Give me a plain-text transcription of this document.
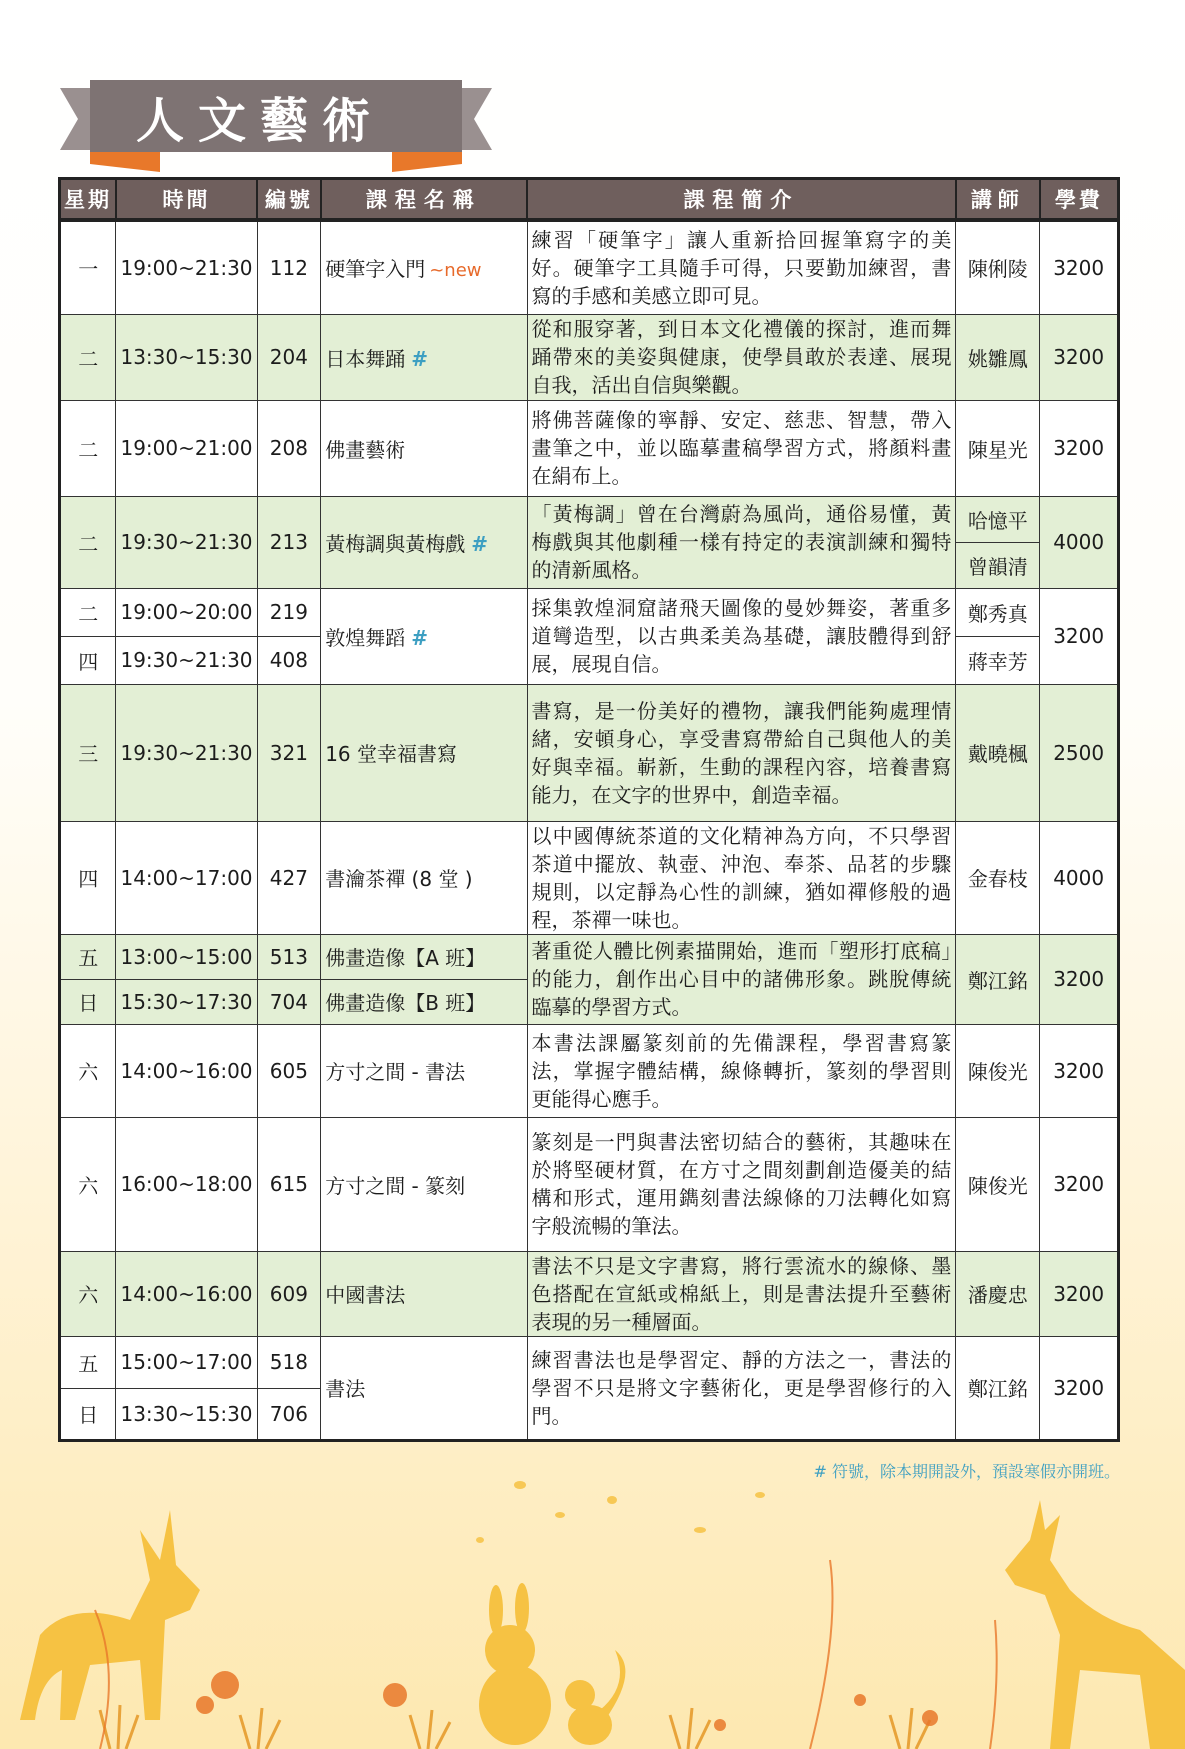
人文藝術
星期	時間	編號	課程名稱	課程簡介	講師	學費
一	19:00~21:30	112	硬筆字入門 ~new	練習「硬筆字」讓人重新拾回握筆寫字的美好。硬筆字工具隨手可得，只要勤加練習，書寫的手感和美感立即可見。	陳俐陵	3200
二	13:30~15:30	204	日本舞踊 #	從和服穿著，到日本文化禮儀的探討，進而舞踊帶來的美姿與健康，使學員敢於表達、展現自我，活出自信與樂觀。	姚雛鳳	3200
二	19:00~21:00	208	佛畫藝術	將佛菩薩像的寧靜、安定、慈悲、智慧，帶入畫筆之中，並以臨摹畫稿學習方式，將顏料畫在絹布上。	陳星光	3200
二	19:30~21:30	213	黃梅調與黃梅戲 #	「黃梅調」曾在台灣蔚為風尚，通俗易懂，黃梅戲與其他劇種一樣有持定的表演訓練和獨特的清新風格。	哈憶平	4000
					曾韻清	
二	19:00~20:00	219	敦煌舞蹈 #	採集敦煌洞窟諸飛天圖像的曼妙舞姿，著重多道彎造型，以古典柔美為基礎，讓肢體得到舒展，展現自信。	鄭秀真	3200
四	19:30~21:30	408			蔣幸芳	
三	19:30~21:30	321	16 堂幸福書寫	書寫，是一份美好的禮物，讓我們能夠處理情緒，安頓身心，享受書寫帶給自己與他人的美好與幸福。嶄新，生動的課程內容，培養書寫能力，在文字的世界中，創造幸福。	戴曉楓	2500
四	14:00~17:00	427	書瀹茶禪 (8 堂 )	以中國傳統茶道的文化精神為方向，不只學習茶道中擺放、執壺、沖泡、奉茶、品茗的步驟規則，以定靜為心性的訓練，猶如禪修般的過程，茶禪一味也。	金春枝	4000
五	13:00~15:00	513	佛畫造像【A 班】	著重從人體比例素描開始，進而「塑形打底稿」的能力，創作出心目中的諸佛形象。跳脫傳統臨摹的學習方式。	鄭江銘	3200
日	15:30~17:30	704	佛畫造像【B 班】			
六	14:00~16:00	605	方寸之間 - 書法	本書法課屬篆刻前的先備課程，學習書寫篆法，掌握字體結構，線條轉折，篆刻的學習則更能得心應手。	陳俊光	3200
六	16:00~18:00	615	方寸之間 - 篆刻	篆刻是一門與書法密切結合的藝術，其趣味在於將堅硬材質，在方寸之間刻劃創造優美的結構和形式，運用鐫刻書法線條的刀法轉化如寫字般流暢的筆法。	陳俊光	3200
六	14:00~16:00	609	中國書法	書法不只是文字書寫，將行雲流水的線條、墨色搭配在宣紙或棉紙上，則是書法提升至藝術表現的另一種層面。	潘慶忠	3200
五	15:00~17:00	518	書法	練習書法也是學習定、靜的方法之一，書法的學習不只是將文字藝術化，更是學習修行的入門。	鄭江銘	3200
日	13:30~15:30	706				
# 符號，除本期開設外，預設寒假亦開班。
